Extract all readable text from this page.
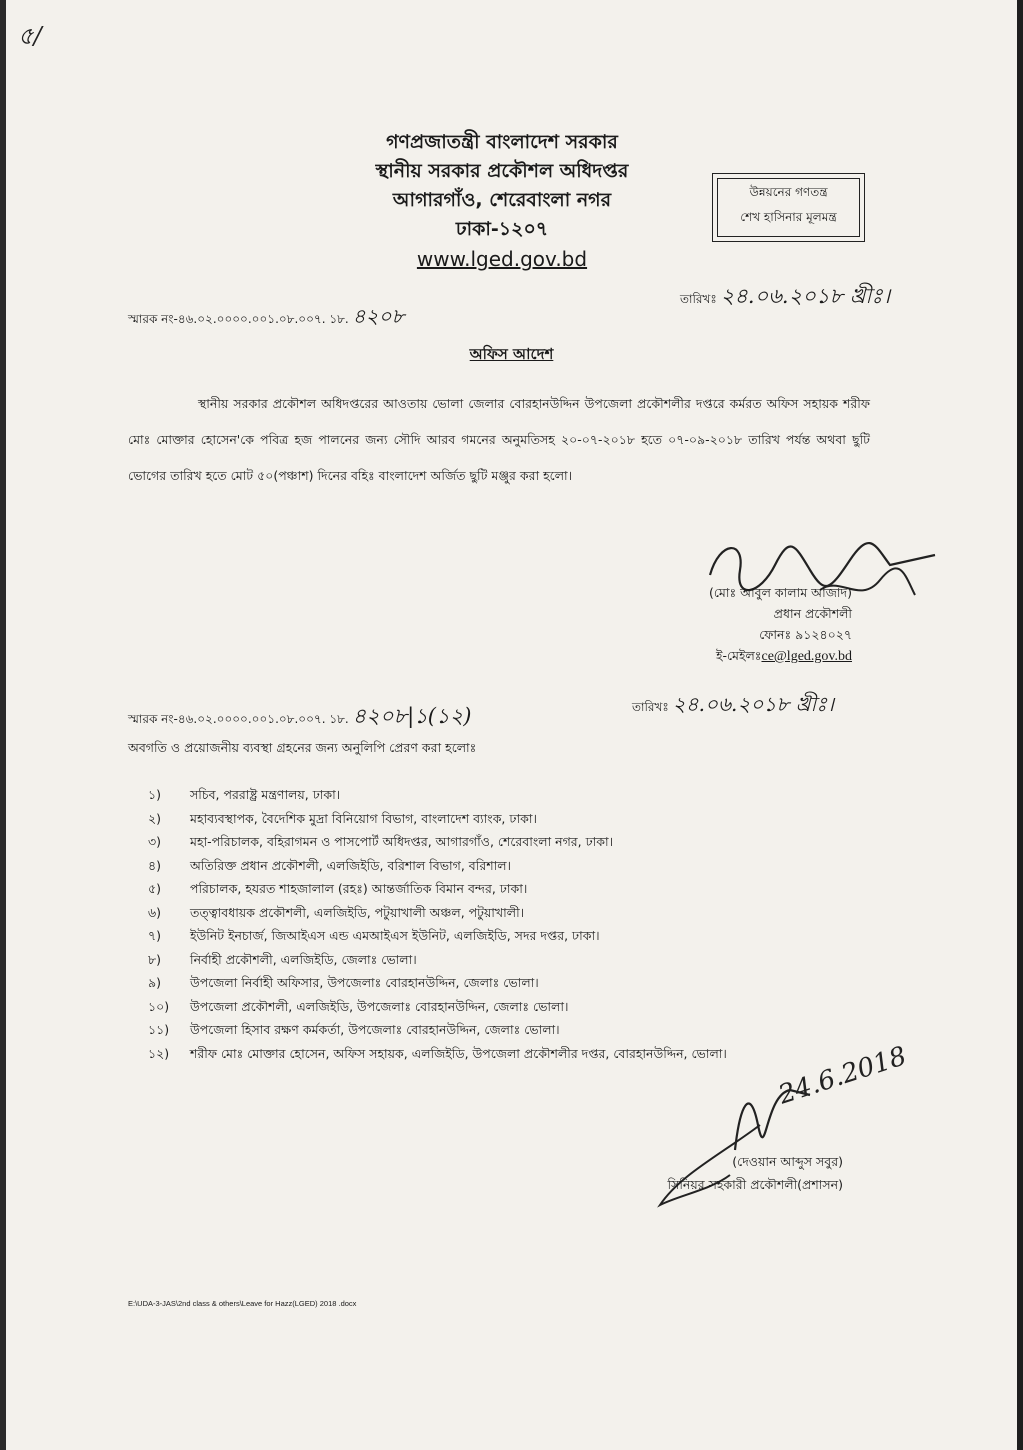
৫/
গণপ্রজাতন্ত্রী বাংলাদেশ সরকার
স্থানীয় সরকার প্রকৌশল অধিদপ্তর
আগারগাঁও, শেরেবাংলা নগর
ঢাকা-১২০৭
www.lged.gov.bd
উন্নয়নের গণতন্ত্র
শেখ হাসিনার মূলমন্ত্র
স্মারক নং-৪৬.০২.০০০০.০০১.০৮.০০৭. ১৮. ৪২০৮
তারিখঃ ২৪.০৬.২০১৮ খ্রীঃ।
অফিস আদেশ
স্থানীয় সরকার প্রকৌশল অধিদপ্তরের আওতায় ভোলা জেলার বোরহানউদ্দিন উপজেলা প্রকৌশলীর দপ্তরে কর্মরত অফিস সহায়ক শরীফ মোঃ মোক্তার হোসেন'কে পবিত্র হজ পালনের জন্য সৌদি আরব গমনের অনুমতিসহ ২০-০৭-২০১৮ হতে ০৭-০৯-২০১৮ তারিখ পর্যন্ত অথবা ছুটি ভোগের তারিখ হতে মোট ৫০(পঞ্চাশ) দিনের বহিঃ বাংলাদেশ অর্জিত ছুটি মঞ্জুর করা হলো।
(মোঃ আবুল কালাম আজাদ)
প্রধান প্রকৌশলী
ফোনঃ ৯১২৪০২৭
ই-মেইলঃce@lged.gov.bd
স্মারক নং-৪৬.০২.০০০০.০০১.০৮.০০৭. ১৮. ৪২০৮|১(১২)	তারিখঃ ২৪.০৬.২০১৮ খ্রীঃ।
অবগতি ও প্রয়োজনীয় ব্যবস্থা গ্রহনের জন্য অনুলিপি প্রেরণ করা হলোঃ
১)	সচিব, পররাষ্ট্র মন্ত্রণালয়, ঢাকা।
২)	মহাব্যবস্থাপক, বৈদেশিক মুদ্রা বিনিয়োগ বিভাগ, বাংলাদেশ ব্যাংক, ঢাকা।
৩)	মহা-পরিচালক, বহিরাগমন ও পাসপোর্ট অধিদপ্তর, আগারগাঁও, শেরেবাংলা নগর, ঢাকা।
৪)	অতিরিক্ত প্রধান প্রকৌশলী, এলজিইডি, বরিশাল বিভাগ, বরিশাল।
৫)	পরিচালক, হযরত শাহজালাল (রহঃ) আন্তর্জাতিক বিমান বন্দর, ঢাকা।
৬)	তত্ত্বাবধায়ক প্রকৌশলী, এলজিইডি, পটুয়াখালী অঞ্চল, পটুয়াখালী।
৭)	ইউনিট ইনচার্জ, জিআইএস এন্ড এমআইএস ইউনিট, এলজিইডি, সদর দপ্তর, ঢাকা।
৮)	নির্বাহী প্রকৌশলী, এলজিইডি, জেলাঃ ভোলা।
৯)	উপজেলা নির্বাহী অফিসার, উপজেলাঃ বোরহানউদ্দিন, জেলাঃ ভোলা।
১০)	উপজেলা প্রকৌশলী, এলজিইডি, উপজেলাঃ বোরহানউদ্দিন, জেলাঃ ভোলা।
১১)	উপজেলা হিসাব রক্ষণ কর্মকর্তা, উপজেলাঃ বোরহানউদ্দিন, জেলাঃ ভোলা।
১২)	শরীফ মোঃ মোক্তার হোসেন, অফিস সহায়ক, এলজিইডি, উপজেলা প্রকৌশলীর দপ্তর, বোরহানউদ্দিন, ভোলা।	24.6.2018
(দেওয়ান আব্দুস সবুর)
সিনিয়র সহকারী প্রকৌশলী(প্রশাসন)
E:\UDA-3-JAS\2nd class & others\Leave for Hazz(LGED) 2018 .docx
